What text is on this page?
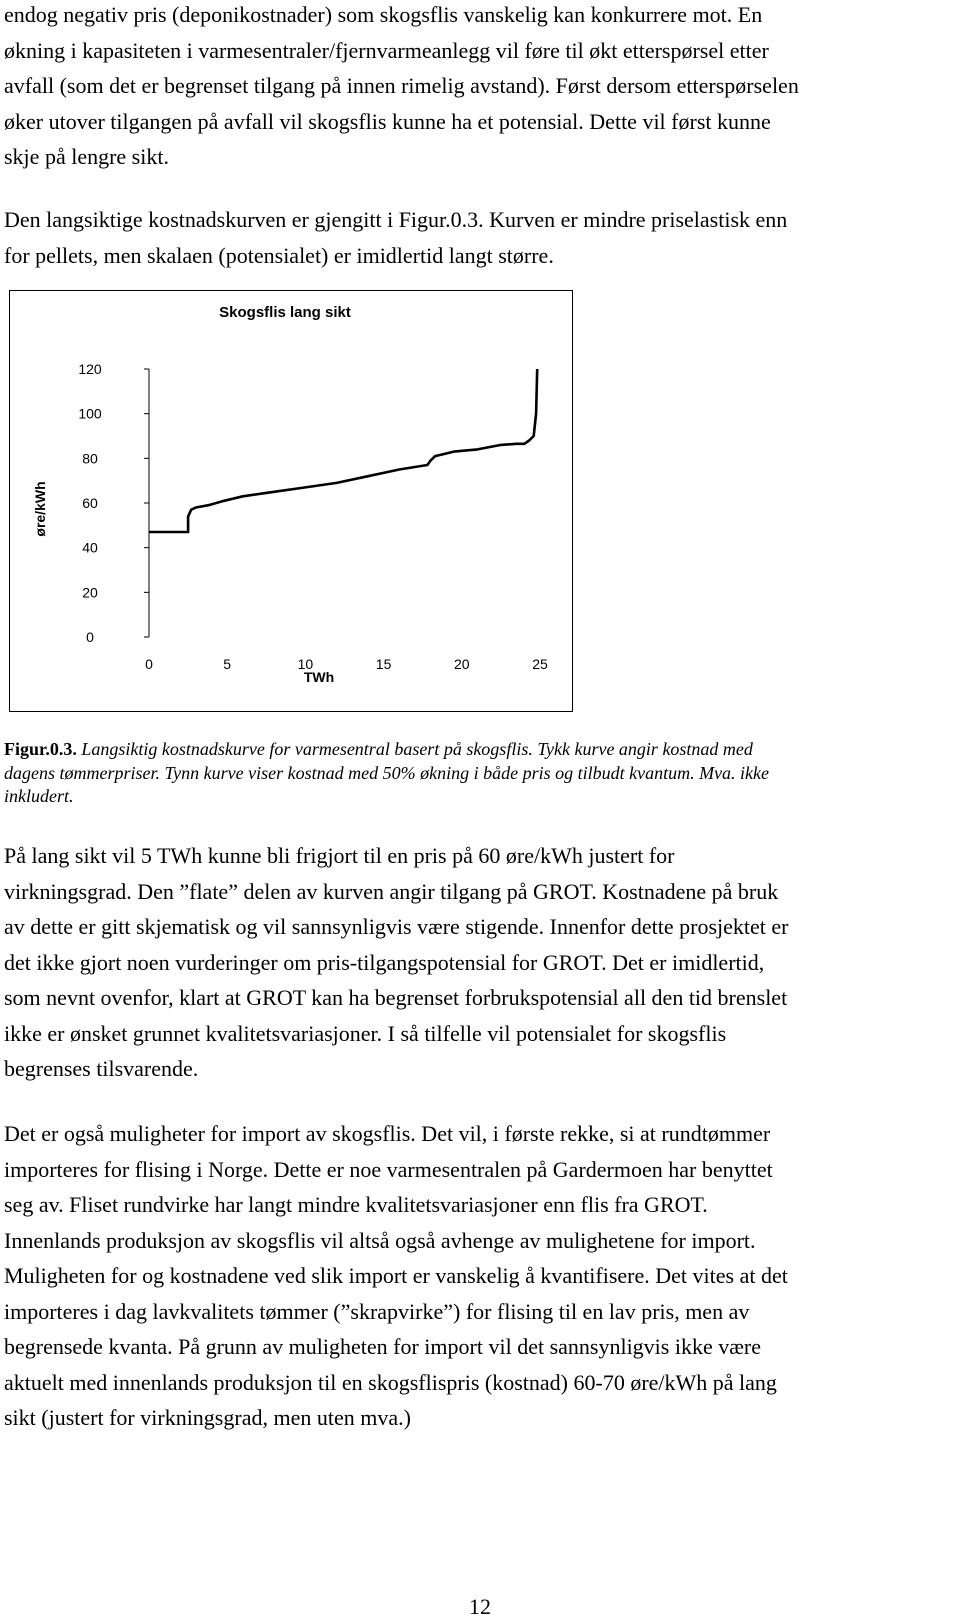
endog negativ pris (deponikostnader) som skogsflis vanskelig kan konkurrere mot. En
økning i kapasiteten i varmesentraler/fjernvarmeanlegg vil føre til økt etterspørsel etter
avfall (som det er begrenset tilgang på innen rimelig avstand). Først dersom etterspørselen
øker utover tilgangen på avfall vil skogsflis kunne ha et potensial. Dette vil først kunne
skje på lengre sikt.
Den langsiktige kostnadskurven er gjengitt i Figur.0.3. Kurven er mindre priselastisk enn
for pellets, men skalaen (potensialet) er imidlertid langt større.
Skogsflis lang sikt
øre/kWh
TWh
0
20
40
60
80
100
120
0	5	10	15	20	25
Figur.0.3. Langsiktig kostnadskurve for varmesentral basert på skogsflis. Tykk kurve angir kostnad med
dagens tømmerpriser. Tynn kurve viser kostnad med 50% økning i både pris og tilbudt kvantum. Mva. ikke
inkludert.
På lang sikt vil 5 TWh kunne bli frigjort til en pris på 60 øre/kWh justert for
virkningsgrad. Den ”flate” delen av kurven angir tilgang på GROT. Kostnadene på bruk
av dette er gitt skjematisk og vil sannsynligvis være stigende. Innenfor dette prosjektet er
det ikke gjort noen vurderinger om pris-tilgangspotensial for GROT. Det er imidlertid,
som nevnt ovenfor, klart at GROT kan ha begrenset forbrukspotensial all den tid brenslet
ikke er ønsket grunnet kvalitetsvariasjoner. I så tilfelle vil potensialet for skogsflis
begrenses tilsvarende.
Det er også muligheter for import av skogsflis. Det vil, i første rekke, si at rundtømmer
importeres for flising i Norge. Dette er noe varmesentralen på Gardermoen har benyttet
seg av. Fliset rundvirke har langt mindre kvalitetsvariasjoner enn flis fra GROT.
Innenlands produksjon av skogsflis vil altså også avhenge av mulighetene for import.
Muligheten for og kostnadene ved slik import er vanskelig å kvantifisere. Det vites at det
importeres i dag lavkvalitets tømmer (”skrapvirke”) for flising til en lav pris, men av
begrensede kvanta. På grunn av muligheten for import vil det sannsynligvis ikke være
aktuelt med innenlands produksjon til en skogsflispris (kostnad) 60-70 øre/kWh på lang
sikt (justert for virkningsgrad, men uten mva.)
12
